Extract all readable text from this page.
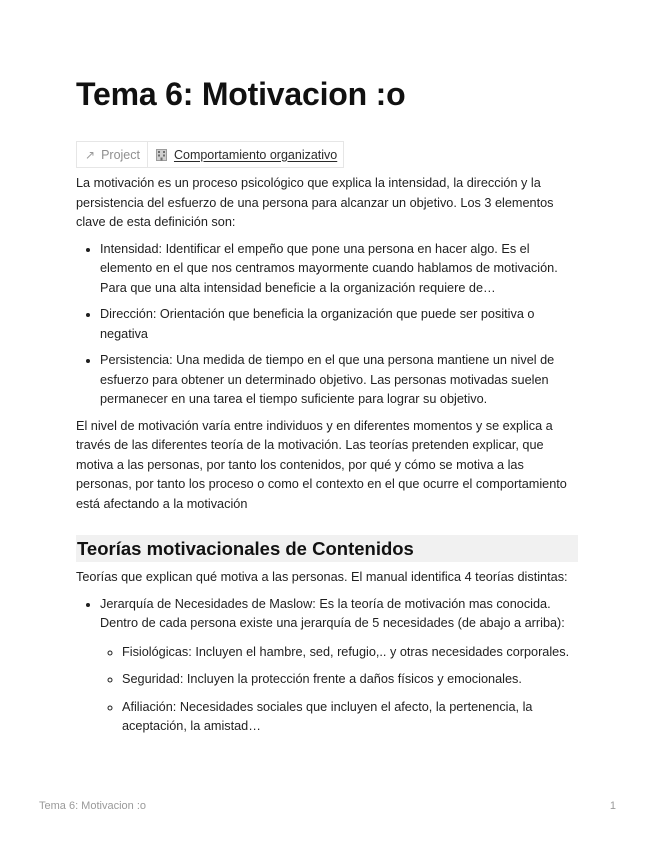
Tema 6: Motivacion :o
↗ Project	Comportamiento organizativo

La motivación es un proceso psicológico que explica la intensidad, la dirección y la persistencia del esfuerzo de una persona para alcanzar un objetivo. Los 3 elementos clave de esta definición son:

• Intensidad: Identificar el empeño que pone una persona en hacer algo. Es el elemento en el que nos centramos mayormente cuando hablamos de motivación. Para que una alta intensidad beneficie a la organización requiere de…
• Dirección: Orientación que beneficia la organización que puede ser positiva o negativa
• Persistencia: Una medida de tiempo en el que una persona mantiene un nivel de esfuerzo para obtener un determinado objetivo. Las personas motivadas suelen permanecer en una tarea el tiempo suficiente para lograr su objetivo.

El nivel de motivación varía entre individuos y en diferentes momentos y se explica a través de las diferentes teoría de la motivación. Las teorías pretenden explicar, que motiva a las personas, por tanto los contenidos, por qué y cómo se motiva a las personas, por tanto los proceso o como el contexto en el que ocurre el comportamiento está afectando a la motivación

Teorías motivacionales de Contenidos

Teorías que explican qué motiva a las personas. El manual identifica 4 teorías distintas:

• Jerarquía de Necesidades de Maslow: Es la teoría de motivación mas conocida. Dentro de cada persona existe una jerarquía de 5 necesidades (de abajo a arriba):
◦ Fisiológicas: Incluyen el hambre, sed, refugio,.. y otras necesidades corporales.
◦ Seguridad: Incluyen la protección frente a daños físicos y emocionales.
◦ Afiliación: Necesidades sociales que incluyen el afecto, la pertenencia, la aceptación, la amistad…
Tema 6: Motivacion :o	1
